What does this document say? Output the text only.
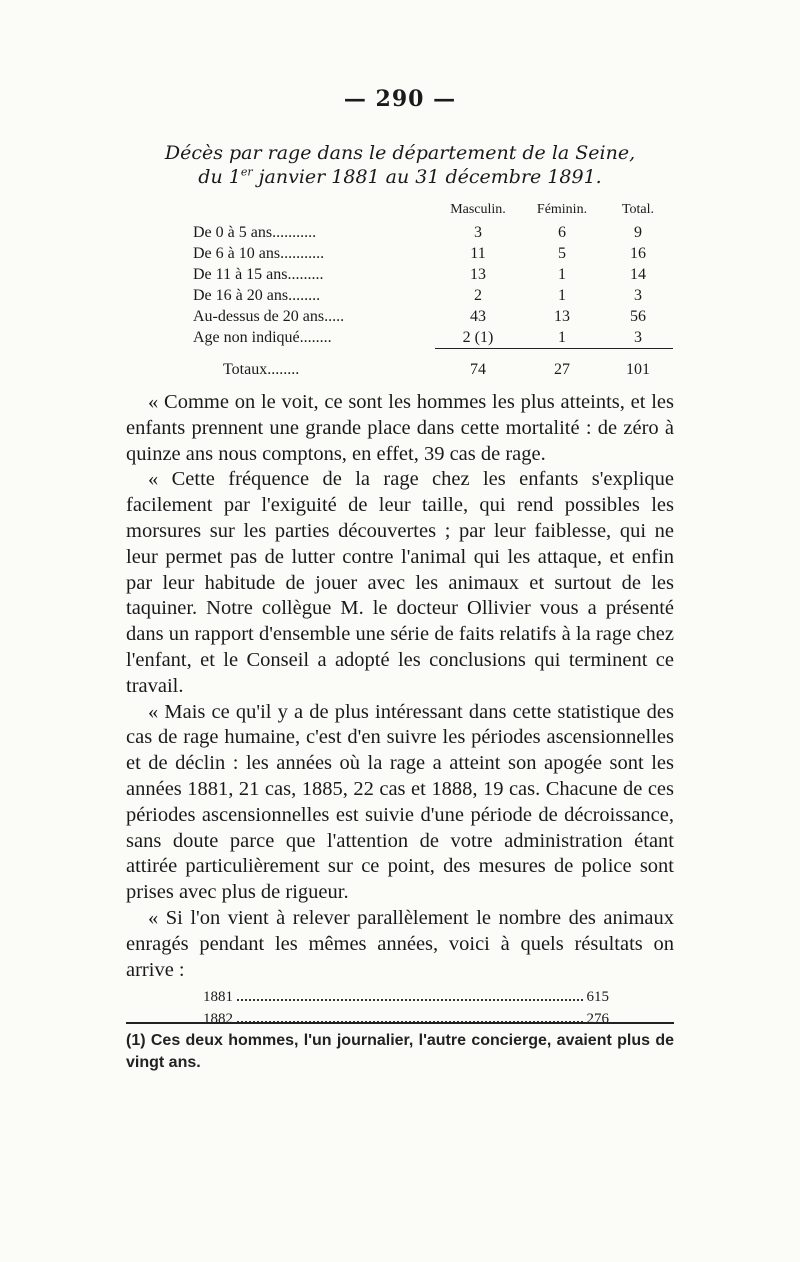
— 290 —
Décès par rage dans le département de la Seine,
du 1er janvier 1881 au 31 décembre 1891.
	Masculin.	Féminin.	Total.
De 0 à 5 ans...........	3	6	9
De 6 à 10 ans...........	11	5	16
De 11 à 15 ans.........	13	1	14
De 16 à 20 ans........	2	1	3
Au-dessus de 20 ans.....	43	13	56
Age non indiqué........	2 (1)	1	3
Totaux........	74	27	101

« Comme on le voit, ce sont les hommes les plus atteints, et les enfants prennent une grande place dans cette mortalité : de zéro à quinze ans nous comptons, en effet, 39 cas de rage.

« Cette fréquence de la rage chez les enfants s'explique facilement par l'exiguité de leur taille, qui rend possibles les morsures sur les parties découvertes ; par leur faiblesse, qui ne leur permet pas de lutter contre l'animal qui les attaque, et enfin par leur habitude de jouer avec les animaux et surtout de les taquiner. Notre collègue M. le docteur Ollivier vous a présenté dans un rapport d'ensemble une série de faits relatifs à la rage chez l'enfant, et le Conseil a adopté les conclusions qui terminent ce travail.

« Mais ce qu'il y a de plus intéressant dans cette statistique des cas de rage humaine, c'est d'en suivre les périodes ascensionnelles et de déclin : les années où la rage a atteint son apogée sont les années 1881, 21 cas, 1885, 22 cas et 1888, 19 cas. Chacune de ces périodes ascensionnelles est suivie d'une période de décroissance, sans doute parce que l'attention de votre administration étant attirée particulièrement sur ce point, des mesures de police sont prises avec plus de rigueur.

« Si l'on vient à relever parallèlement le nombre des animaux enragés pendant les mêmes années, voici à quels résultats on arrive :

1881	615
1882	276
(1) Ces deux hommes, l'un journalier, l'autre concierge, avaient plus de vingt ans.
